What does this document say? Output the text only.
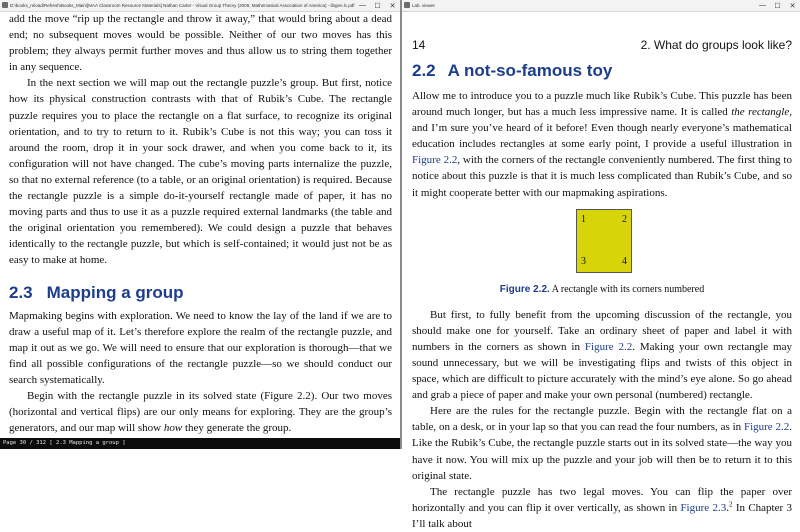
D:\books_reload\Refresh\Books_Main\[MAA Classroom Resource Materials] Nathan Carter - Visual Group Theory (2009, Mathematical Association of America) - libgen.lc.pdf —	☐	✕

add the move “rip up the rectangle and throw it away,” that would bring about a dead end; no subsequent moves would be possible. Neither of our two moves has this problem; they always permit further moves and thus allow us to string them together in any sequence.

In the next section we will map out the rectangle puzzle’s group. But first, notice how its physical construction contrasts with that of Rubik’s Cube. The rectangle puzzle requires you to place the rectangle on a flat surface, to recognize its original orientation, and to try to return to it. Rubik’s Cube is not this way; you can toss it around the room, drop it in your sock drawer, and when you come back to it, its configuration will not have changed. The cube’s moving parts internalize the puzzle, so that no external reference (to a table, or an original orientation) is required. Because the rectangle puzzle is a simple do-it-yourself rectangle made of paper, it has no moving parts and thus to use it as a puzzle required external landmarks (the table and the original orientation you remembered). We could design a puzzle that behaves identically to the rectangle puzzle, but which is self-contained; it would just not be as easy to make at home.

2.3 Mapping a group

Mapmaking begins with exploration. We need to know the lay of the land if we are to draw a useful map of it. Let’s therefore explore the realm of the rectangle puzzle, and map it out as we go. We will need to ensure that our exploration is thorough—that we find all possible configurations of the rectangle puzzle—so we should conduct our search systematically.

Begin with the rectangle puzzle in its solved state (Figure 2.2). Our two moves (horizontal and vertical flips) are our only means for exploring. They are the group’s generators, and our map will show how they generate the group.

Page 30 / 312 [ 2.3 Mapping a group ]
Lab. viewer	—	☐	✕
14	2. What do groups look like?
2.2 A not-so-famous toy

Allow me to introduce you to a puzzle much like Rubik’s Cube. This puzzle has been around much longer, but has a much less impressive name. It is called the rectangle, and I’m sure you’ve heard of it before! Even though nearly everyone’s mathematical education includes rectangles at some early point, I provide a useful illustration in Figure 2.2, with the corners of the rectangle conveniently numbered. The first thing to notice about this puzzle is that it is much less complicated than Rubik’s Cube, and so it might cooperate better with our mapmaking aspirations.

1	2
3	4
Figure 2.2. A rectangle with its corners numbered

But first, to fully benefit from the upcoming discussion of the rectangle, you should make one for yourself. Take an ordinary sheet of paper and label it with numbers in the corners as shown in Figure 2.2. Making your own rectangle may sound unnecessary, but we will be investigating flips and twists of this object in space, which are difficult to picture accurately with the mind’s eye alone. So go ahead and grab a piece of paper and make your own personal (numbered) rectangle.

Here are the rules for the rectangle puzzle. Begin with the rectangle flat on a table, on a desk, or in your lap so that you can read the four numbers, as in Figure 2.2. Like the Rubik’s Cube, the rectangle puzzle starts out in its solved state—the way you have it now. You will mix up the puzzle and your job will then be to return it to this original state.

The rectangle puzzle has two legal moves. You can flip the paper over horizontally and you can flip it over vertically, as shown in Figure 2.3.$^2$ In Chapter 3 I’ll talk about
